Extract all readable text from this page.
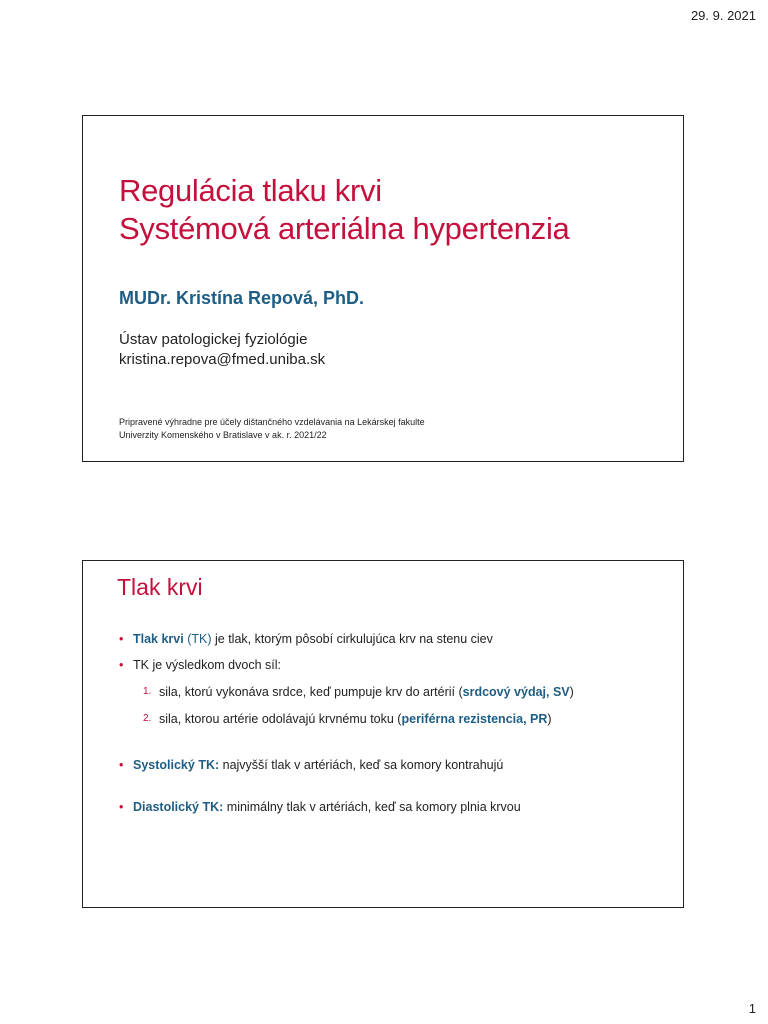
29. 9. 2021
Regulácia tlaku krvi
Systémová arteriálna hypertenzia
MUDr. Kristína Repová, PhD.
Ústav patologickej fyziológie
kristina.repova@fmed.uniba.sk
Pripravené výhradne pre účely dištančného vzdelávania na Lekárskej fakulte
Univerzity Komenského v Bratislave v ak. r. 2021/22
Tlak krvi
• Tlak krvi (TK) je tlak, ktorým pôsobí cirkulujúca krv na stenu ciev
• TK je výsledkom dvoch síl:
1. sila, ktorú vykonáva srdce, keď pumpuje krv do artérií (srdcový výdaj, SV)
2. sila, ktorou artérie odolávajú krvnému toku (periférna rezistencia, PR)
• Systolický TK: najvyšší tlak v artériách, keď sa komory kontrahujú
• Diastolický TK: minimálny tlak v artériách, keď sa komory plnia krvou
1
